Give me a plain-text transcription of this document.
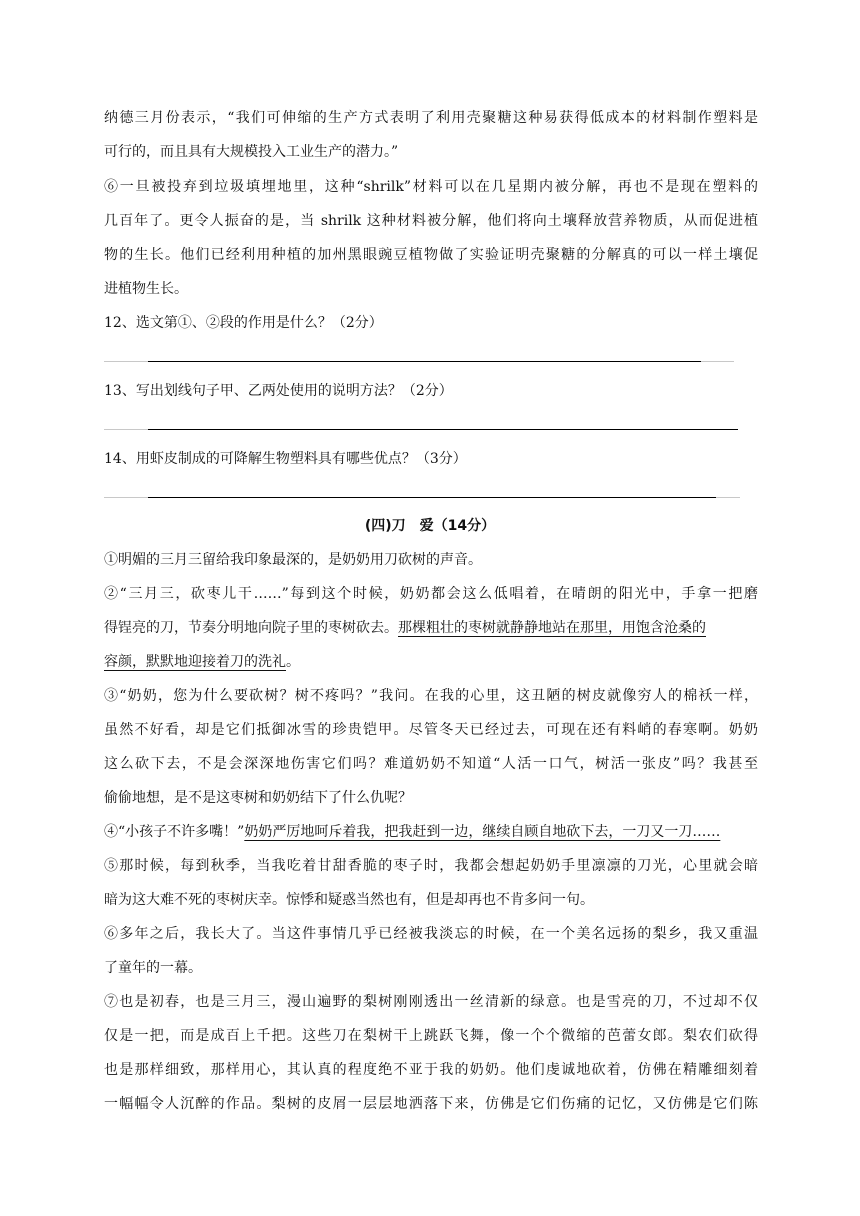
纳德三月份表示，“我们可伸缩的生产方式表明了利用壳聚糖这种易获得低成本的材料制作塑料是
可行的，而且具有大规模投入工业生产的潜力。”
⑥一旦被投弃到垃圾填埋地里，这种“shrilk”材料可以在几星期内被分解，再也不是现在塑料的
几百年了。更令人振奋的是，当 shrilk 这种材料被分解，他们将向土壤释放营养物质，从而促进植
物的生长。他们已经利用种植的加州黑眼豌豆植物做了实验证明壳聚糖的分解真的可以一样土壤促
进植物生长。
12、选文第①、②段的作用是什么？（2分）
13、写出划线句子甲、乙两处使用的说明方法？（2分）
14、用虾皮制成的可降解生物塑料具有哪些优点？（3分）
(四)刀　爱（14分）
①明媚的三月三留给我印象最深的，是奶奶用刀砍树的声音。
②“三月三，砍枣儿干……”每到这个时候，奶奶都会这么低唱着，在晴朗的阳光中，手拿一把磨
得锃亮的刀，节奏分明地向院子里的枣树砍去。那棵粗壮的枣树就静静地站在那里，用饱含沧桑的
容颜，默默地迎接着刀的洗礼。
③“奶奶，您为什么要砍树？树不疼吗？”我问。在我的心里，这丑陋的树皮就像穷人的棉袄一样，
虽然不好看，却是它们抵御冰雪的珍贵铠甲。尽管冬天已经过去，可现在还有料峭的春寒啊。奶奶
这么砍下去，不是会深深地伤害它们吗？难道奶奶不知道“人活一口气，树活一张皮”吗？我甚至
偷偷地想，是不是这枣树和奶奶结下了什么仇呢？
④“小孩子不许多嘴！”奶奶严厉地呵斥着我，把我赶到一边，继续自顾自地砍下去，一刀又一刀……
⑤那时候，每到秋季，当我吃着甘甜香脆的枣子时，我都会想起奶奶手里凛凛的刀光，心里就会暗
暗为这大难不死的枣树庆幸。惊悸和疑惑当然也有，但是却再也不肯多问一句。
⑥多年之后，我长大了。当这件事情几乎已经被我淡忘的时候，在一个美名远扬的梨乡，我又重温
了童年的一幕。
⑦也是初春，也是三月三，漫山遍野的梨树刚刚透出一丝清新的绿意。也是雪亮的刀，不过却不仅
仅是一把，而是成百上千把。这些刀在梨树干上跳跃飞舞，像一个个微缩的芭蕾女郎。梨农们砍得
也是那样细致，那样用心，其认真的程度绝不亚于我的奶奶。他们虔诚地砍着，仿佛在精雕细刻着
一幅幅令人沉醉的作品。梨树的皮屑一层层地洒落下来，仿佛是它们伤痛的记忆，又仿佛是它们陈
